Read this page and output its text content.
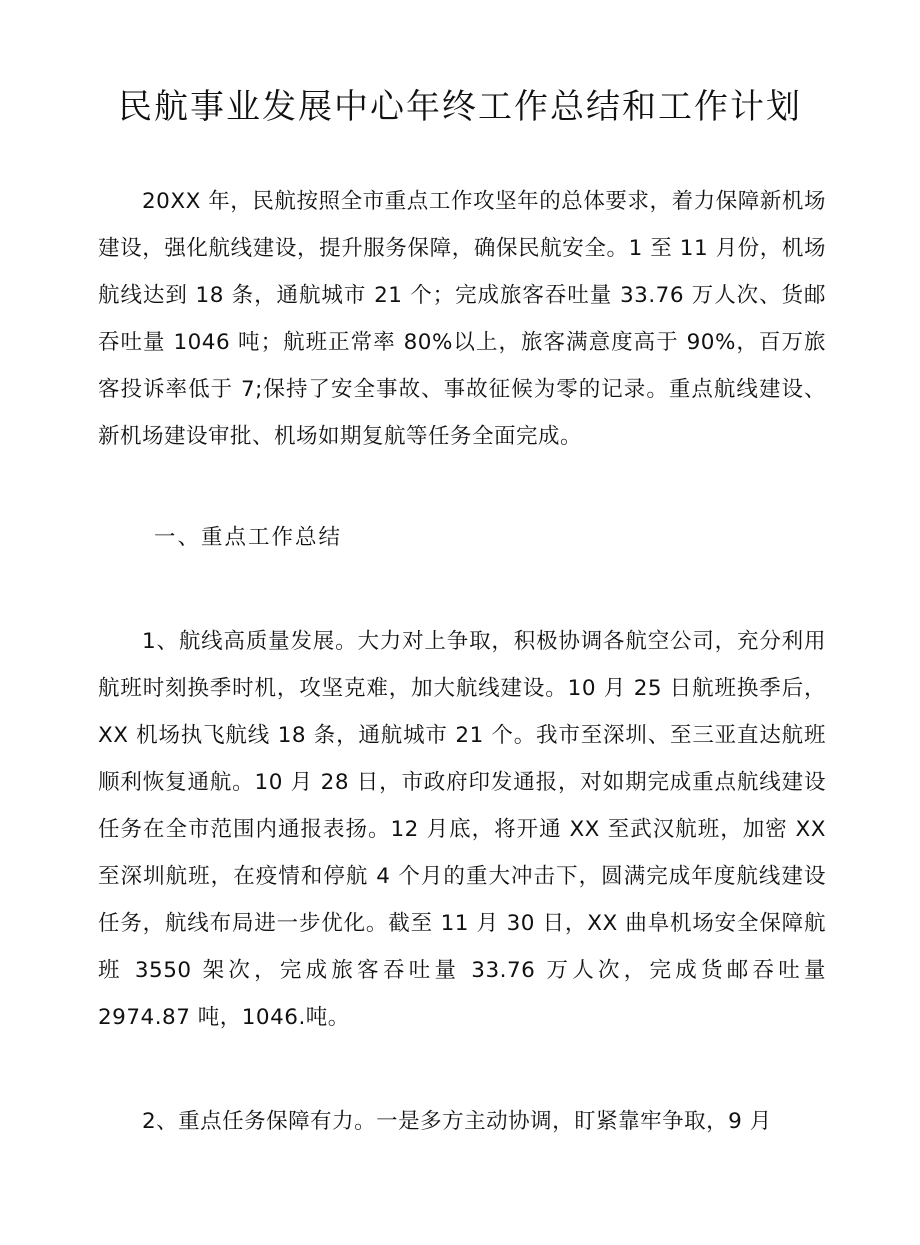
民航事业发展中心年终工作总结和工作计划

20XX 年，民航按照全市重点工作攻坚年的总体要求，着力保障新机场建设，强化航线建设，提升服务保障，确保民航安全。1 至 11 月份，机场航线达到 18 条，通航城市 21 个；完成旅客吞吐量 33.76 万人次、货邮吞吐量 1046 吨；航班正常率 80%以上，旅客满意度高于 90%，百万旅客投诉率低于 7;保持了安全事故、事故征候为零的记录。重点航线建设、新机场建设审批、机场如期复航等任务全面完成。

一、重点工作总结

1、航线高质量发展。大力对上争取，积极协调各航空公司，充分利用航班时刻换季时机，攻坚克难，加大航线建设。10 月 25 日航班换季后，XX 机场执飞航线 18 条，通航城市 21 个。我市至深圳、至三亚直达航班顺利恢复通航。10 月 28 日，市政府印发通报，对如期完成重点航线建设任务在全市范围内通报表扬。12 月底，将开通 XX 至武汉航班，加密 XX 至深圳航班，在疫情和停航 4 个月的重大冲击下，圆满完成年度航线建设任务，航线布局进一步优化。截至 11 月 30 日，XX 曲阜机场安全保障航班 3550 架次，完成旅客吞吐量 33.76 万人次，完成货邮吞吐量 2974.87 吨，1046.吨。

2、重点任务保障有力。一是多方主动协调，盯紧靠牢争取，9 月
